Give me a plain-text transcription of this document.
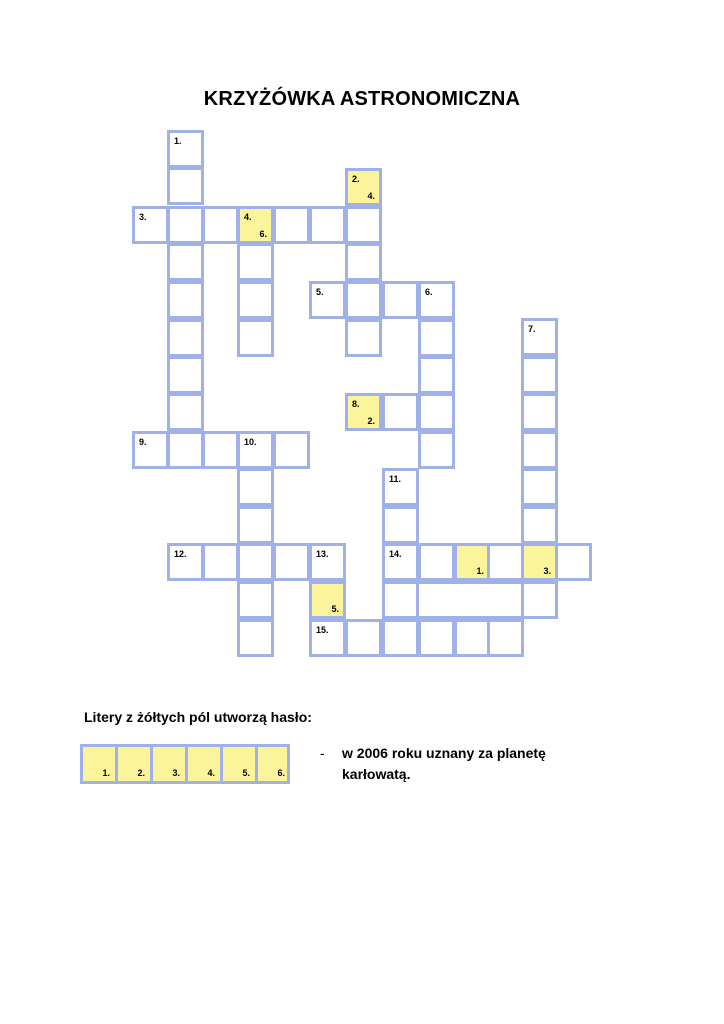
KRZYŻÓWKA ASTRONOMICZNA
1.
3.	4.
6.
2.
4.
5.	6.
8.
2.
7.
9.	10.
11.
12.	13.	14.
1.	3.
5.
15.
Litery z żółtych pól utworzą hasło:
1.	2.	3.	4.	5.	6.
- w 2006 roku uznany za planetę karłowatą.
